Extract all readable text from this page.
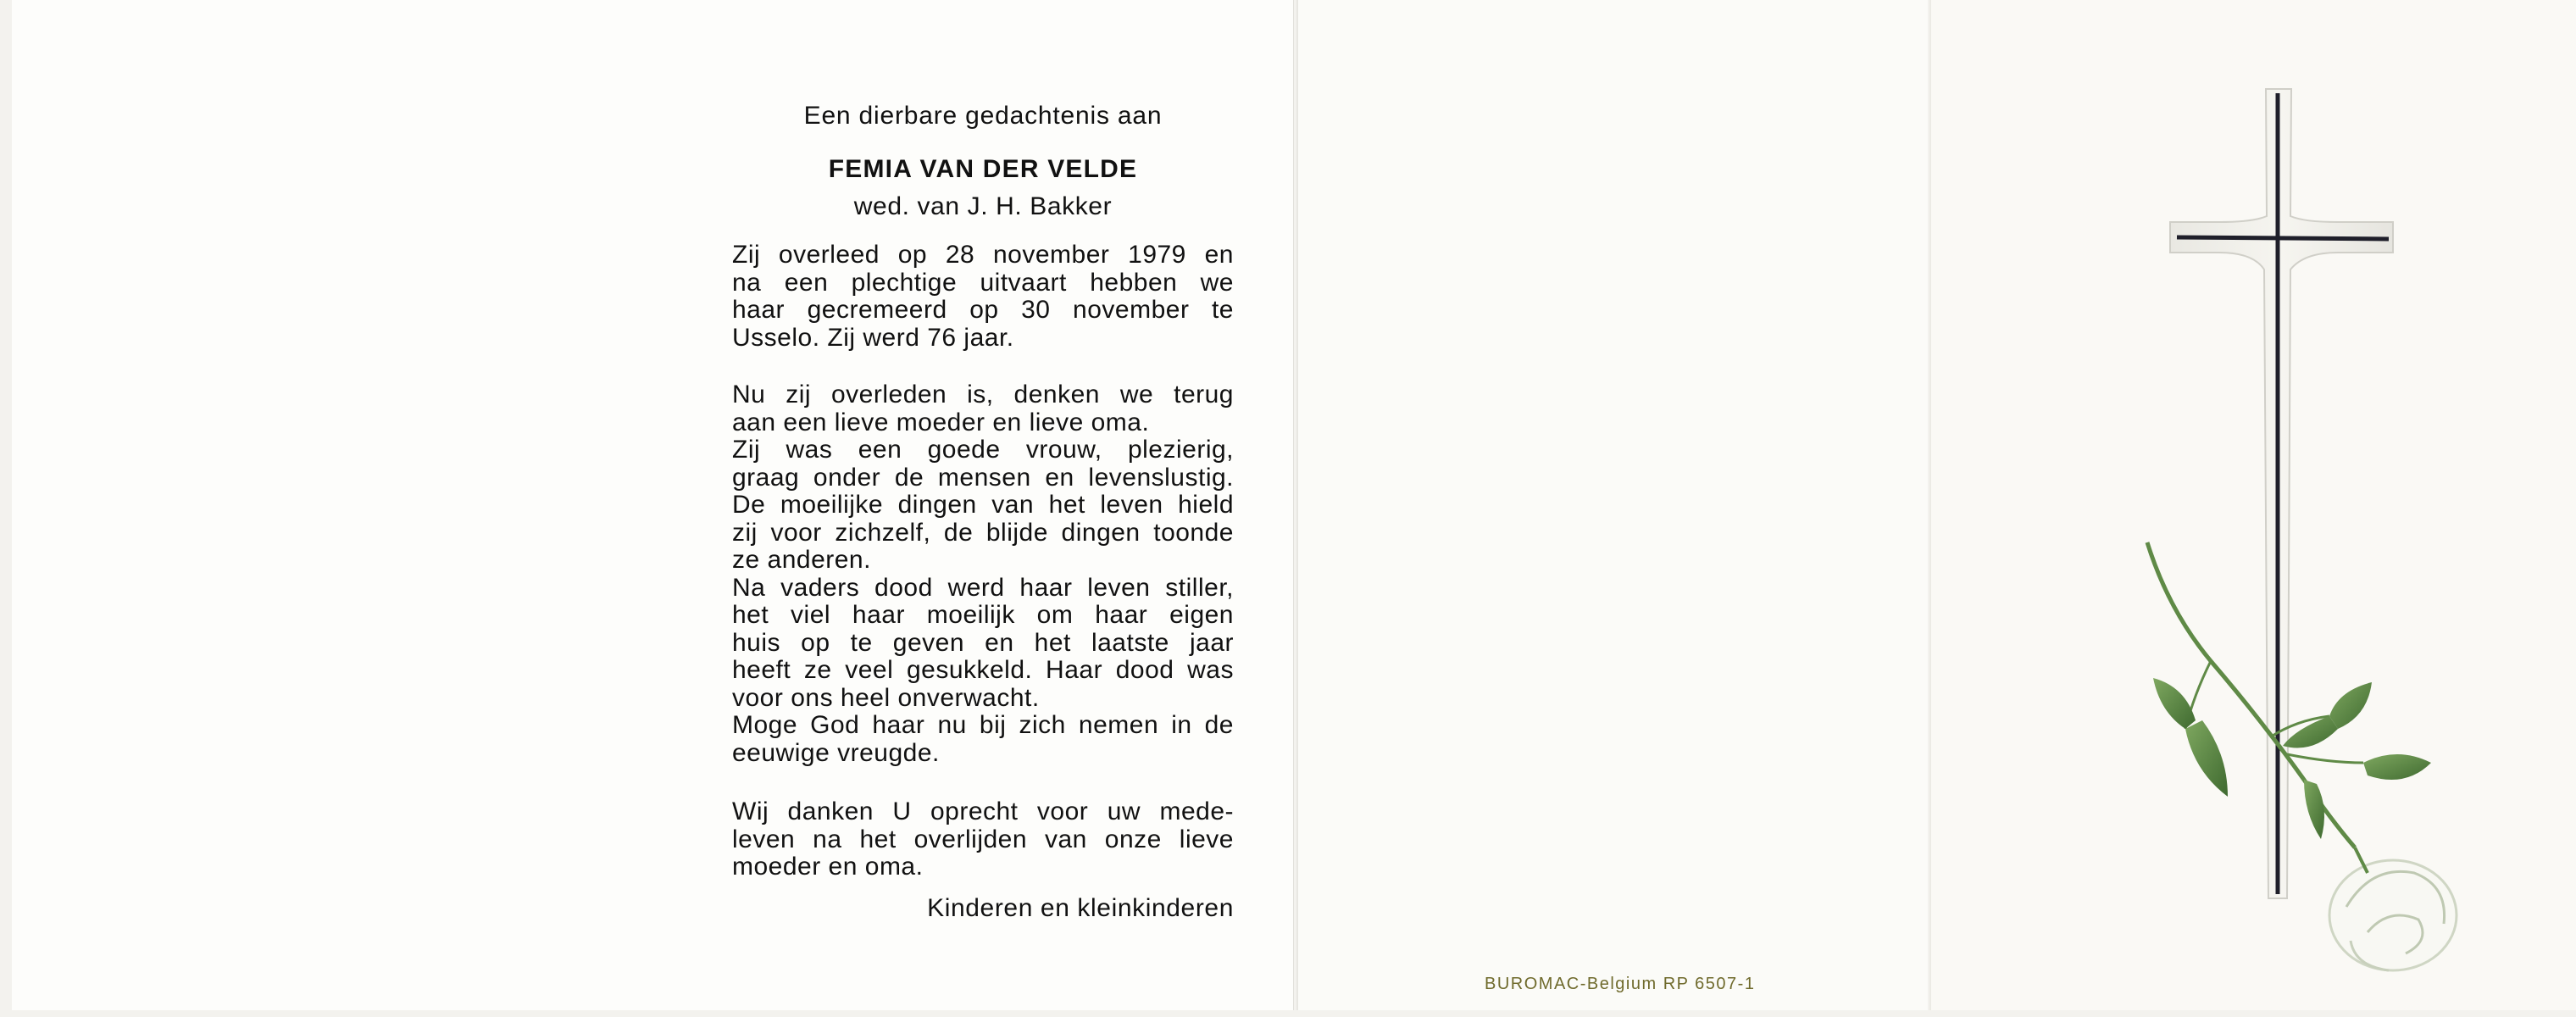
Een dierbare gedachtenis aan
FEMIA VAN DER VELDE
wed. van J. H. Bakker
Zij overleed op 28 november 1979 en
na een plechtige uitvaart hebben we
haar gecremeerd op 30 november te
Usselo. Zij werd 76 jaar.
Nu zij overleden is, denken we terug
aan een lieve moeder en lieve oma.
Zij was een goede vrouw, plezierig,
graag onder de mensen en levenslustig.
De moeilijke dingen van het leven hield
zij voor zichzelf, de blijde dingen toonde
ze anderen.
Na vaders dood werd haar leven stiller,
het viel haar moeilijk om haar eigen
huis op te geven en het laatste jaar
heeft ze veel gesukkeld. Haar dood was
voor ons heel onverwacht.
Moge God haar nu bij zich nemen in de
eeuwige vreugde.
Wij danken U oprecht voor uw mede-
leven na het overlijden van onze lieve
moeder en oma.
Kinderen en kleinkinderen
BUROMAC-Belgium RP 6507-1
